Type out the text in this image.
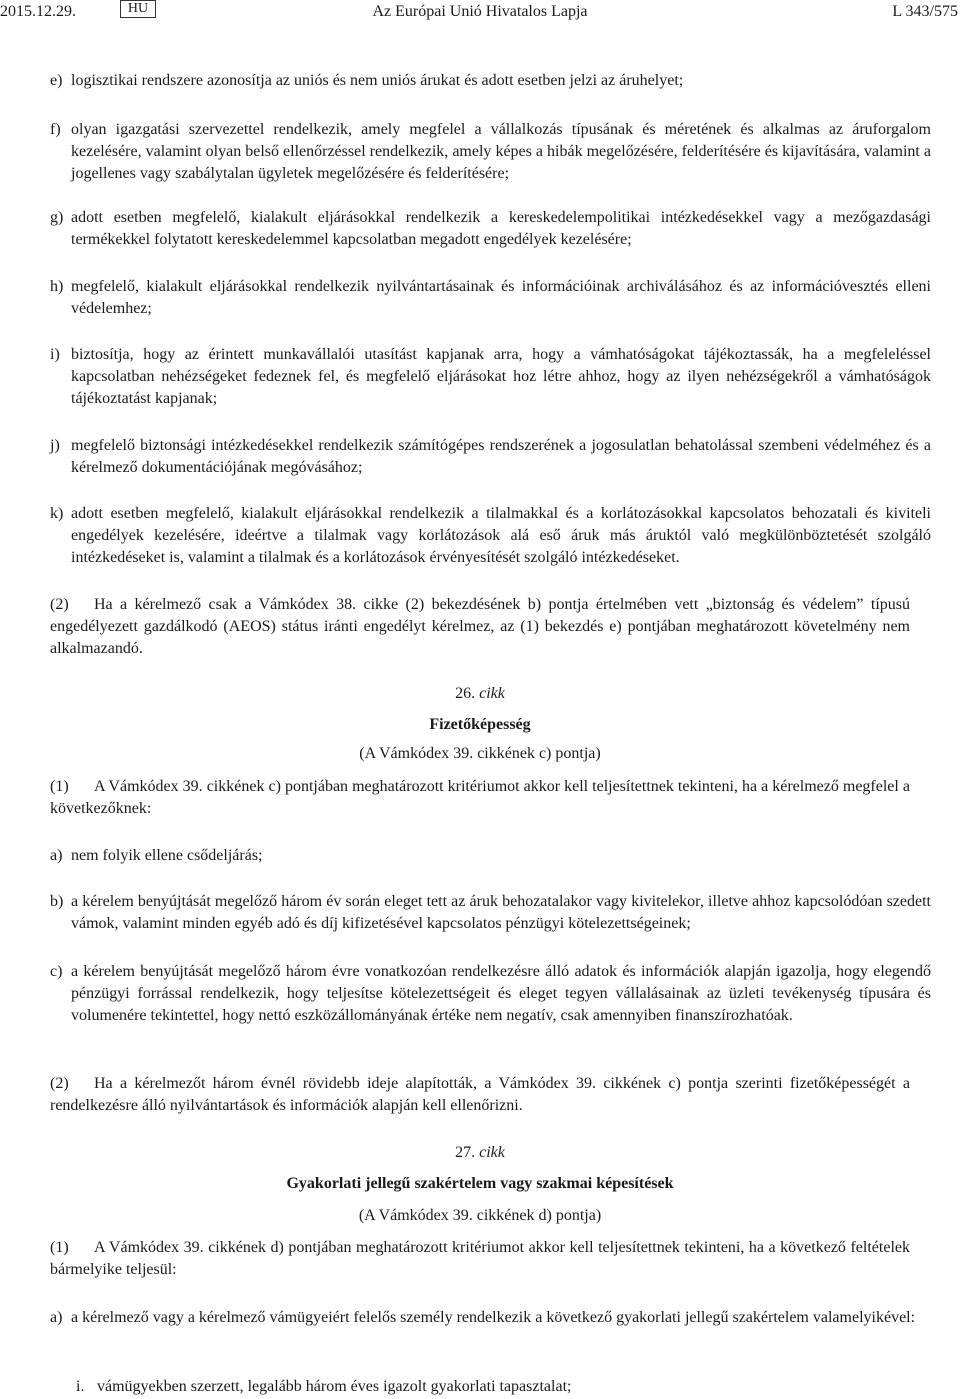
Az Európai Unió Hivatalos Lapja
2015.12.29.	HU	L 343/575
e) logisztikai rendszere azonosítja az uniós és nem uniós árukat és adott esetben jelzi az áruhelyet;
f) olyan igazgatási szervezettel rendelkezik, amely megfelel a vállalkozás típusának és méretének és alkalmas az áruforgalom kezelésére, valamint olyan belső ellenőrzéssel rendelkezik, amely képes a hibák megelőzésére, felderítésére és kijavítására, valamint a jogellenes vagy szabálytalan ügyletek megelőzésére és felderítésére;
g) adott esetben megfelelő, kialakult eljárásokkal rendelkezik a kereskedelempolitikai intézkedésekkel vagy a mezőgazdasági termékekkel folytatott kereskedelemmel kapcsolatban megadott engedélyek kezelésére;
h) megfelelő, kialakult eljárásokkal rendelkezik nyilvántartásainak és információinak archiválásához és az információvesztés elleni védelemhez;
i) biztosítja, hogy az érintett munkavállalói utasítást kapjanak arra, hogy a vámhatóságokat tájékoztassák, ha a megfeleléssel kapcsolatban nehézségeket fedeznek fel, és megfelelő eljárásokat hoz létre ahhoz, hogy az ilyen nehézségekről a vámhatóságok tájékoztatást kapjanak;
j) megfelelő biztonsági intézkedésekkel rendelkezik számítógépes rendszerének a jogosulatlan behatolással szembeni védelméhez és a kérelmező dokumentációjának megóvásához;
k) adott esetben megfelelő, kialakult eljárásokkal rendelkezik a tilalmakkal és a korlátozásokkal kapcsolatos behozatali és kiviteli engedélyek kezelésére, ideértve a tilalmak vagy korlátozások alá eső áruk más áruktól való megkülönböztetését szolgáló intézkedéseket is, valamint a tilalmak és a korlátozások érvényesítését szolgáló intézkedéseket.
(2) Ha a kérelmező csak a Vámkódex 38. cikke (2) bekezdésének b) pontja értelmében vett „biztonság és védelem” típusú engedélyezett gazdálkodó (AEOS) státus iránti engedélyt kérelmez, az (1) bekezdés e) pontjában meghatározott követelmény nem alkalmazandó.
26. cikk
Fizetőképesség
(A Vámkódex 39. cikkének c) pontja)
(1) A Vámkódex 39. cikkének c) pontjában meghatározott kritériumot akkor kell teljesítettnek tekinteni, ha a kérelmező megfelel a következőknek:
a) nem folyik ellene csődeljárás;
b) a kérelem benyújtását megelőző három év során eleget tett az áruk behozatalakor vagy kivitelekor, illetve ahhoz kapcsolódóan szedett vámok, valamint minden egyéb adó és díj kifizetésével kapcsolatos pénzügyi kötelezettségeinek;
c) a kérelem benyújtását megelőző három évre vonatkozóan rendelkezésre álló adatok és információk alapján igazolja, hogy elegendő pénzügyi forrással rendelkezik, hogy teljesítse kötelezettségeit és eleget tegyen vállalásainak az üzleti tevékenység típusára és volumenére tekintettel, hogy nettó eszközállományának értéke nem negatív, csak amennyiben finanszírozhatóak.
(2) Ha a kérelmezőt három évnél rövidebb ideje alapították, a Vámkódex 39. cikkének c) pontja szerinti fizetőképességét a rendelkezésre álló nyilvántartások és információk alapján kell ellenőrizni.
27. cikk
Gyakorlati jellegű szakértelem vagy szakmai képesítések
(A Vámkódex 39. cikkének d) pontja)
(1) A Vámkódex 39. cikkének d) pontjában meghatározott kritériumot akkor kell teljesítettnek tekinteni, ha a következő feltételek bármelyike teljesül:
a) a kérelmező vagy a kérelmező vámügyeiért felelős személy rendelkezik a következő gyakorlati jellegű szakértelem valamelyikével:
i. vámügyekben szerzett, legalább három éves igazolt gyakorlati tapasztalat;
